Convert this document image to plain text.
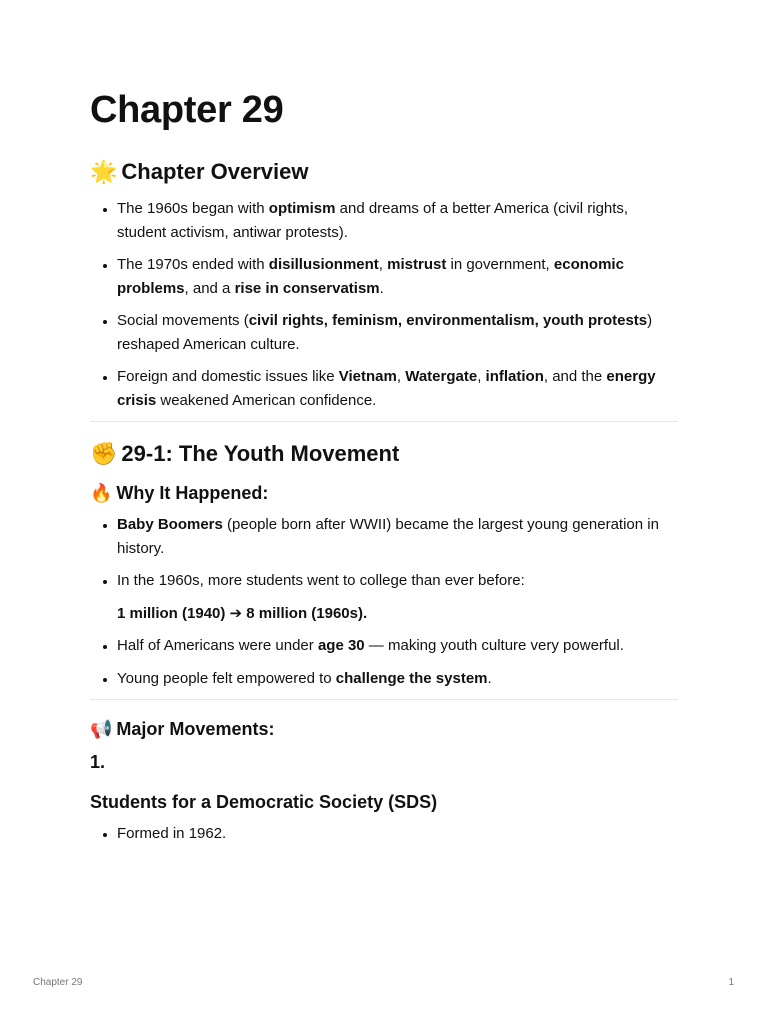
Chapter 29
🌟 Chapter Overview
• The 1960s began with optimism and dreams of a better America (civil rights, student activism, antiwar protests).
• The 1970s ended with disillusionment, mistrust in government, economic problems, and a rise in conservatism.
• Social movements (civil rights, feminism, environmentalism, youth protests) reshaped American culture.
• Foreign and domestic issues like Vietnam, Watergate, inflation, and the energy crisis weakened American confidence.
✊ 29-1: The Youth Movement
🔥 Why It Happened:
• Baby Boomers (people born after WWII) became the largest young generation in history.
• In the 1960s, more students went to college than ever before:
1 million (1940) ➔ 8 million (1960s).
• Half of Americans were under age 30 — making youth culture very powerful.
• Young people felt empowered to challenge the system.
📢 Major Movements:
1.
Students for a Democratic Society (SDS)
• Formed in 1962.
Chapter 29	1
